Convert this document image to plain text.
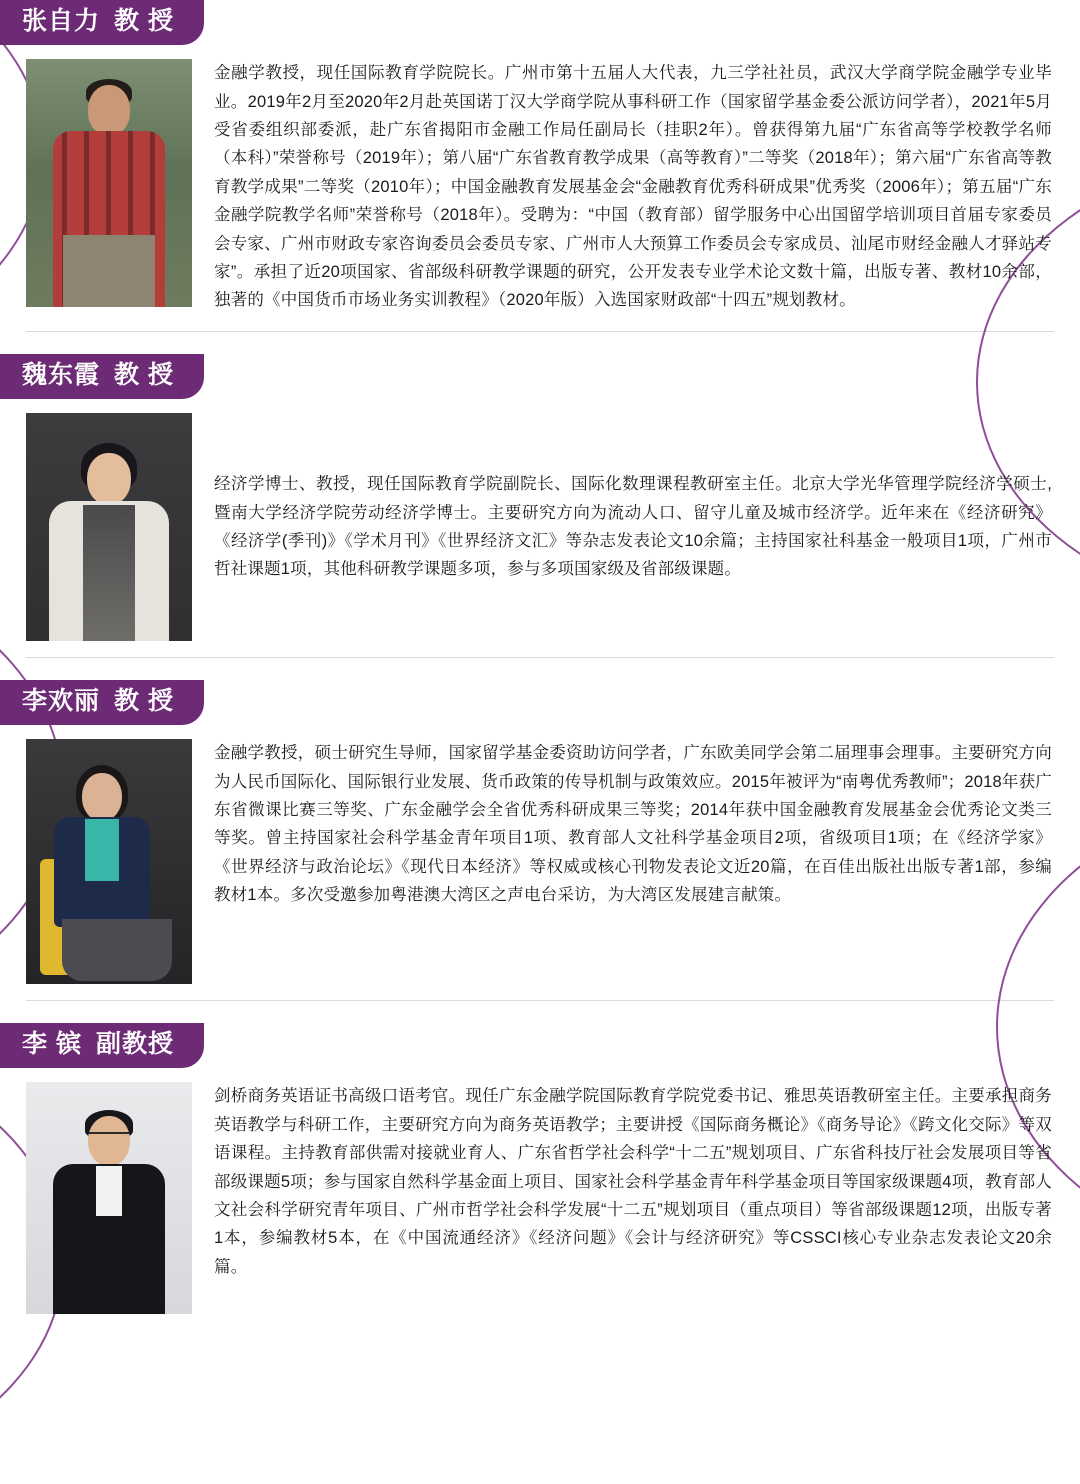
张自力 教 授
金融学教授，现任国际教育学院院长。广州市第十五届人大代表，九三学社社员，武汉大学商学院金融学专业毕业。2019年2月至2020年2月赴英国诺丁汉大学商学院从事科研工作（国家留学基金委公派访问学者），2021年5月受省委组织部委派，赴广东省揭阳市金融工作局任副局长（挂职2年）。曾获得第九届“广东省高等学校教学名师（本科）”荣誉称号（2019年）；第八届“广东省教育教学成果（高等教育）”二等奖（2018年）；第六届“广东省高等教育教学成果”二等奖（2010年）；中国金融教育发展基金会“金融教育优秀科研成果”优秀奖（2006年）；第五届“广东金融学院教学名师”荣誉称号（2018年）。受聘为：“中国（教育部）留学服务中心出国留学培训项目首届专家委员会专家、广州市财政专家咨询委员会委员专家、广州市人大预算工作委员会专家成员、汕尾市财经金融人才驿站专家”。承担了近20项国家、省部级科研教学课题的研究，公开发表专业学术论文数十篇，出版专著、教材10余部，独著的《中国货币市场业务实训教程》（2020年版）入选国家财政部“十四五”规划教材。
魏东霞 教 授
经济学博士、教授，现任国际教育学院副院长、国际化数理课程教研室主任。北京大学光华管理学院经济学硕士,暨南大学经济学院劳动经济学博士。主要研究方向为流动人口、留守儿童及城市经济学。近年来在《经济研究》《经济学(季刊)》《学术月刊》《世界经济文汇》等杂志发表论文10余篇；主持国家社科基金一般项目1项，广州市哲社课题1项，其他科研教学课题多项，参与多项国家级及省部级课题。
李欢丽 教 授
金融学教授，硕士研究生导师，国家留学基金委资助访问学者，广东欧美同学会第二届理事会理事。主要研究方向为人民币国际化、国际银行业发展、货币政策的传导机制与政策效应。2015年被评为“南粤优秀教师”；2018年获广东省微课比赛三等奖、广东金融学会全省优秀科研成果三等奖；2014年获中国金融教育发展基金会优秀论文类三等奖。曾主持国家社会科学基金青年项目1项、教育部人文社科学基金项目2项，省级项目1项；在《经济学家》《世界经济与政治论坛》《现代日本经济》等权威或核心刊物发表论文近20篇，在百佳出版社出版专著1部，参编教材1本。多次受邀参加粤港澳大湾区之声电台采访，为大湾区发展建言献策。
李 镔 副教授
剑桥商务英语证书高级口语考官。现任广东金融学院国际教育学院党委书记、雅思英语教研室主任。主要承担商务英语教学与科研工作，主要研究方向为商务英语教学；主要讲授《国际商务概论》《商务导论》《跨文化交际》等双语课程。主持教育部供需对接就业育人、广东省哲学社会科学“十二五”规划项目、广东省科技厅社会发展项目等省部级课题5项；参与国家自然科学基金面上项目、国家社会科学基金青年科学基金项目等国家级课题4项，教育部人文社会科学研究青年项目、广州市哲学社会科学发展“十二五”规划项目（重点项目）等省部级课题12项，出版专著1本，参编教材5本，在《中国流通经济》《经济问题》《会计与经济研究》等CSSCI核心专业杂志发表论文20余篇。
